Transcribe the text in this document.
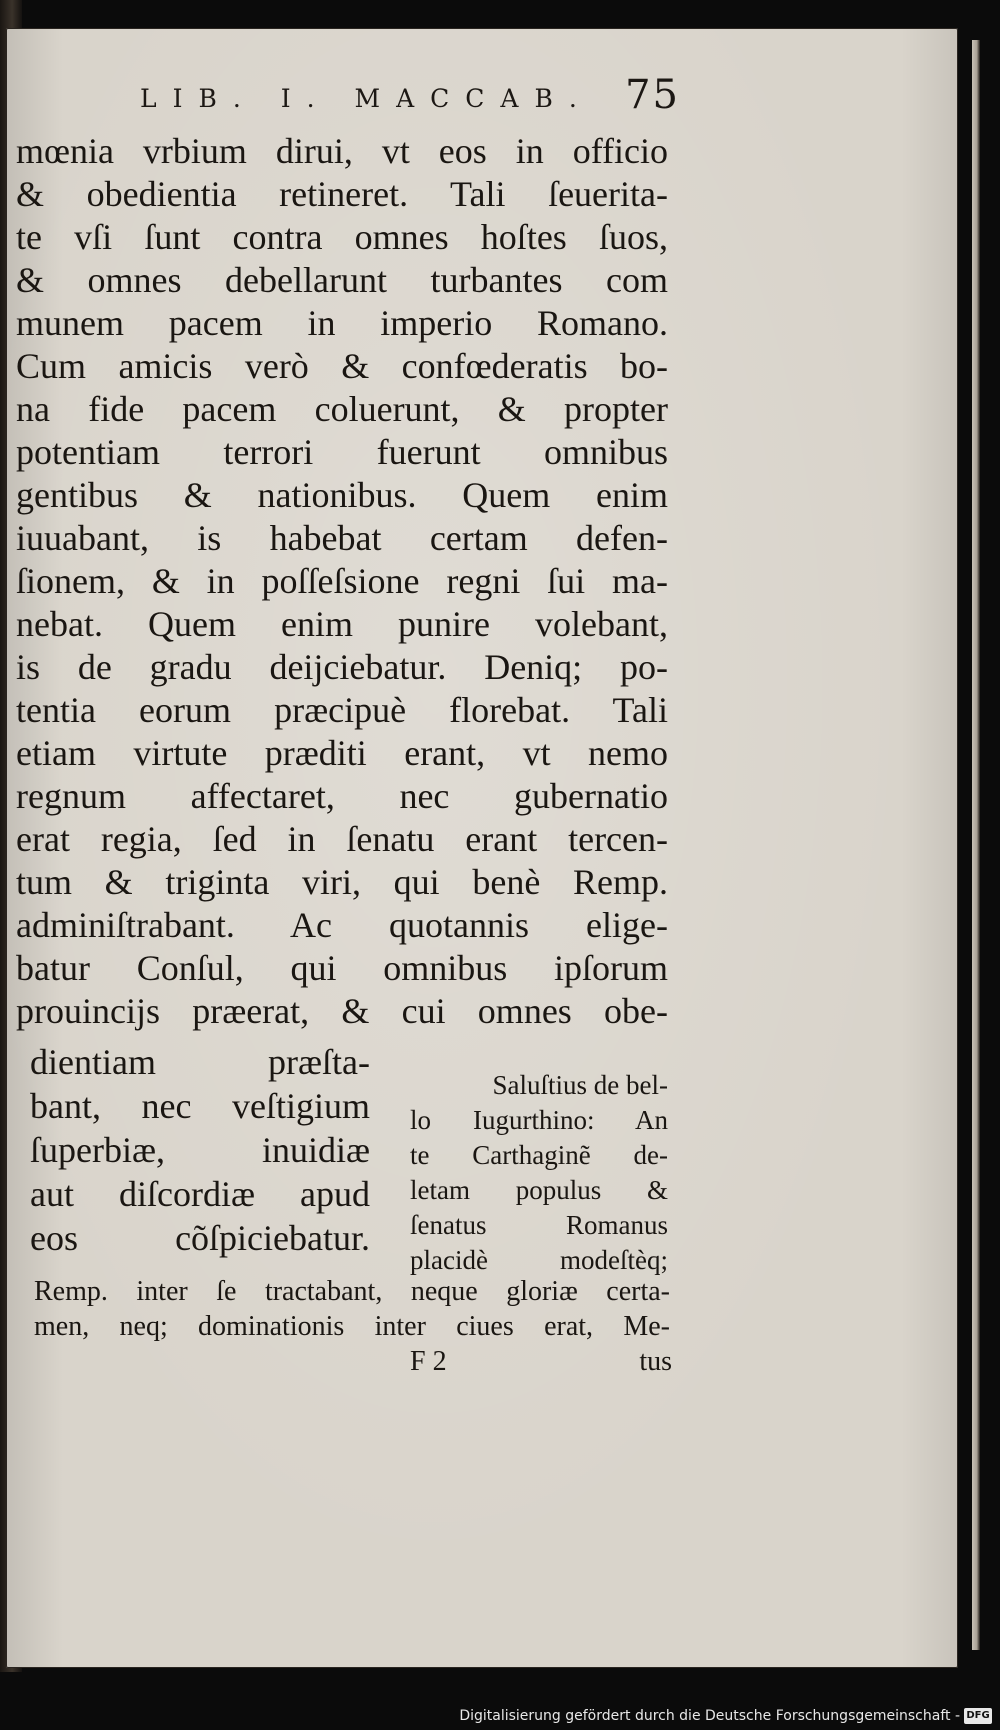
LIB. I. MACCAB. 75
mœnia vrbium dirui, vt eos in officio
& obedientia retineret. Tali ſeuerita-
te vſi ſunt contra omnes hoſtes ſuos,
& omnes debellarunt turbantes com
munem pacem in imperio Romano.
Cum amicis verò & confœderatis bo-
na fide pacem coluerunt, & propter
potentiam terrori fuerunt omnibus
gentibus & nationibus. Quem enim
iuuabant, is habebat certam defen-
ſionem, & in poſſeſsione regni ſui ma-
nebat. Quem enim punire volebant,
is de gradu deijciebatur. Deniq; po-
tentia eorum præcipuè florebat. Tali
etiam virtute præditi erant, vt nemo
regnum affectaret, nec gubernatio
erat regia, ſed in ſenatu erant tercen-
tum & triginta viri, qui benè Remp.
adminiſtrabant. Ac quotannis elige-
batur Conſul, qui omnibus ipſorum
prouincijs præerat, & cui omnes obe-
dientiam præſta-
bant, nec veſtigium
ſuperbiæ, inuidiæ
aut diſcordiæ apud
eos cõſpiciebatur.
Saluſtius de bel-
lo Iugurthino: An
te Carthaginẽ de-
letam populus &
ſenatus Romanus
placidè modeſtèq;
Remp. inter ſe tractabant, neque gloriæ certa-
men, neq; dominationis inter ciues erat, Me-
F 2	tus
Digitalisierung gefördert durch die Deutsche Forschungsgemeinschaft - DFG
